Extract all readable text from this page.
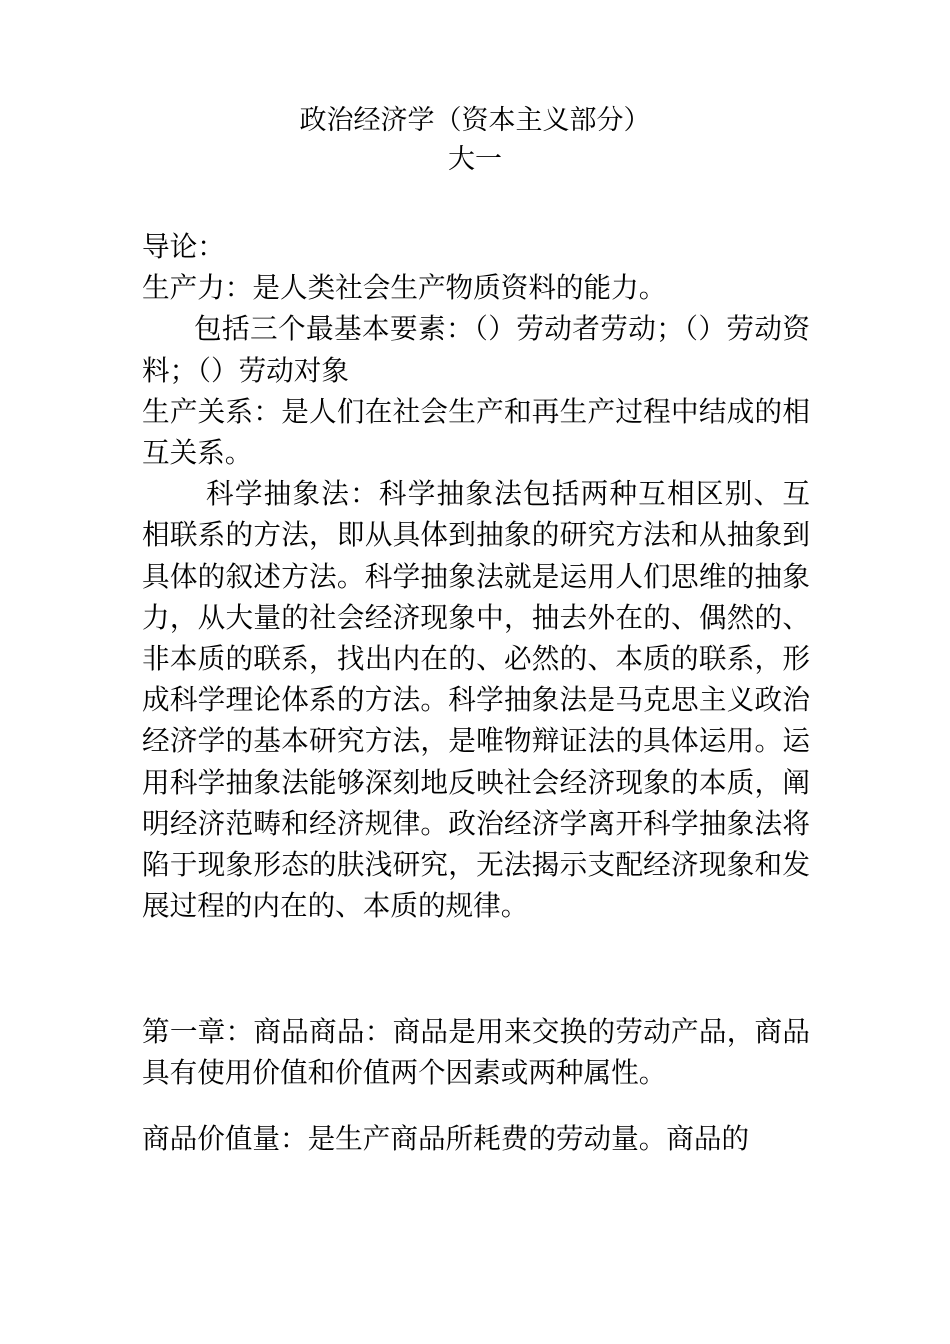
政治经济学（资本主义部分）
大一

导论：

生产力：是人类社会生产物质资料的能力。

包括三个最基本要素：（）劳动者劳动；（）劳动资料；（）劳动对象

生产关系：是人们在社会生产和再生产过程中结成的相互关系。

科学抽象法：科学抽象法包括两种互相区别、互相联系的方法，即从具体到抽象的研究方法和从抽象到具体的叙述方法。科学抽象法就是运用人们思维的抽象力，从大量的社会经济现象中，抽去外在的、偶然的、非本质的联系，找出内在的、必然的、本质的联系，形成科学理论体系的方法。科学抽象法是马克思主义政治经济学的基本研究方法，是唯物辩证法的具体运用。运用科学抽象法能够深刻地反映社会经济现象的本质，阐明经济范畴和经济规律。政治经济学离开科学抽象法将陷于现象形态的肤浅研究，无法揭示支配经济现象和发展过程的内在的、本质的规律。

第一章：商品商品：商品是用来交换的劳动产品，商品具有使用价值和价值两个因素或两种属性。

商品价值量：是生产商品所耗费的劳动量。商品的
